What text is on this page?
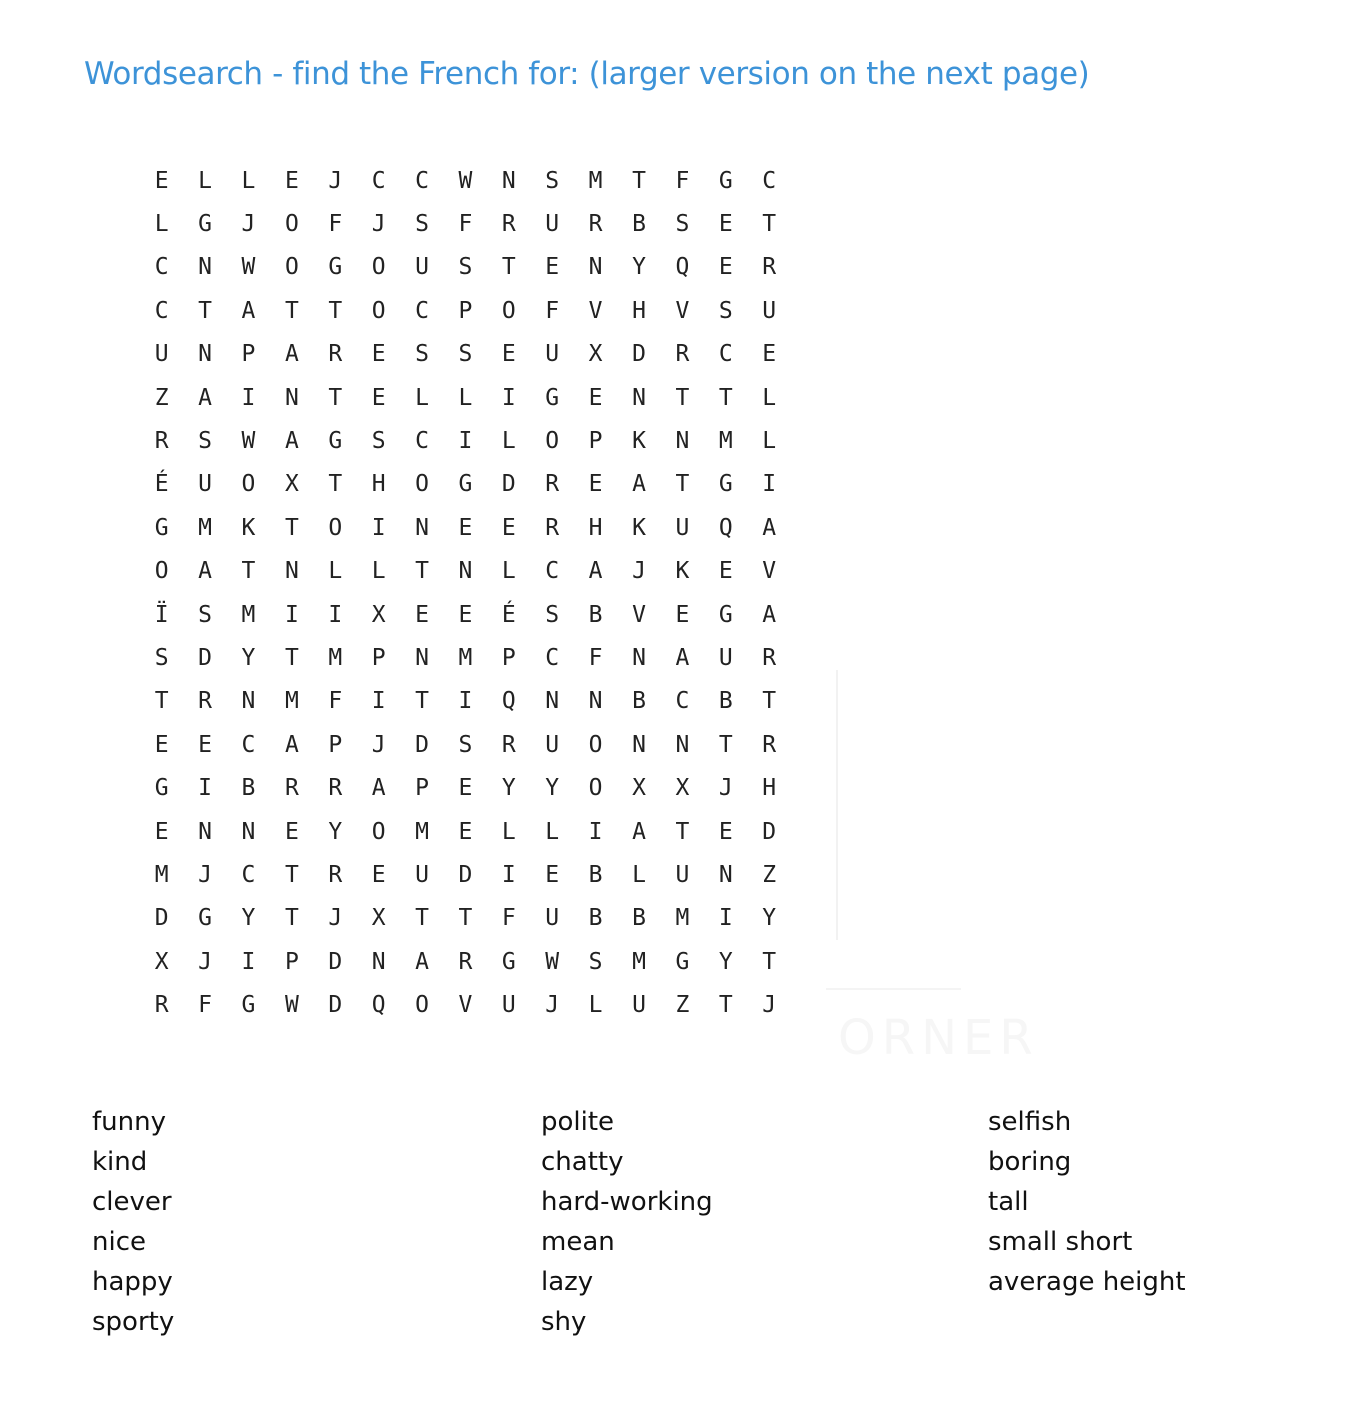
Wordsearch - find the French for: (larger version on the next page)
ORNER
E	L	L	E	J	C	C	W	N	S	M	T	F	G	C
L	G	J	O	F	J	S	F	R	U	R	B	S	E	T
C	N	W	O	G	O	U	S	T	E	N	Y	Q	E	R
C	T	A	T	T	O	C	P	O	F	V	H	V	S	U
U	N	P	A	R	E	S	S	E	U	X	D	R	C	E
Z	A	I	N	T	E	L	L	I	G	E	N	T	T	L
R	S	W	A	G	S	C	I	L	O	P	K	N	M	L
É	U	O	X	T	H	O	G	D	R	E	A	T	G	I
G	M	K	T	O	I	N	E	E	R	H	K	U	Q	A
O	A	T	N	L	L	T	N	L	C	A	J	K	E	V
Ï	S	M	I	I	X	E	E	É	S	B	V	E	G	A
S	D	Y	T	M	P	N	M	P	C	F	N	A	U	R
T	R	N	M	F	I	T	I	Q	N	N	B	C	B	T
E	E	C	A	P	J	D	S	R	U	O	N	N	T	R
G	I	B	R	R	A	P	E	Y	Y	O	X	X	J	H
E	N	N	E	Y	O	M	E	L	L	I	A	T	E	D
M	J	C	T	R	E	U	D	I	E	B	L	U	N	Z
D	G	Y	T	J	X	T	T	F	U	B	B	M	I	Y
X	J	I	P	D	N	A	R	G	W	S	M	G	Y	T
R	F	G	W	D	Q	O	V	U	J	L	U	Z	T	J
funny
kind
clever
nice
happy
sporty
polite
chatty
hard-working
mean
lazy
shy
selfish
boring
tall
small short
average height
